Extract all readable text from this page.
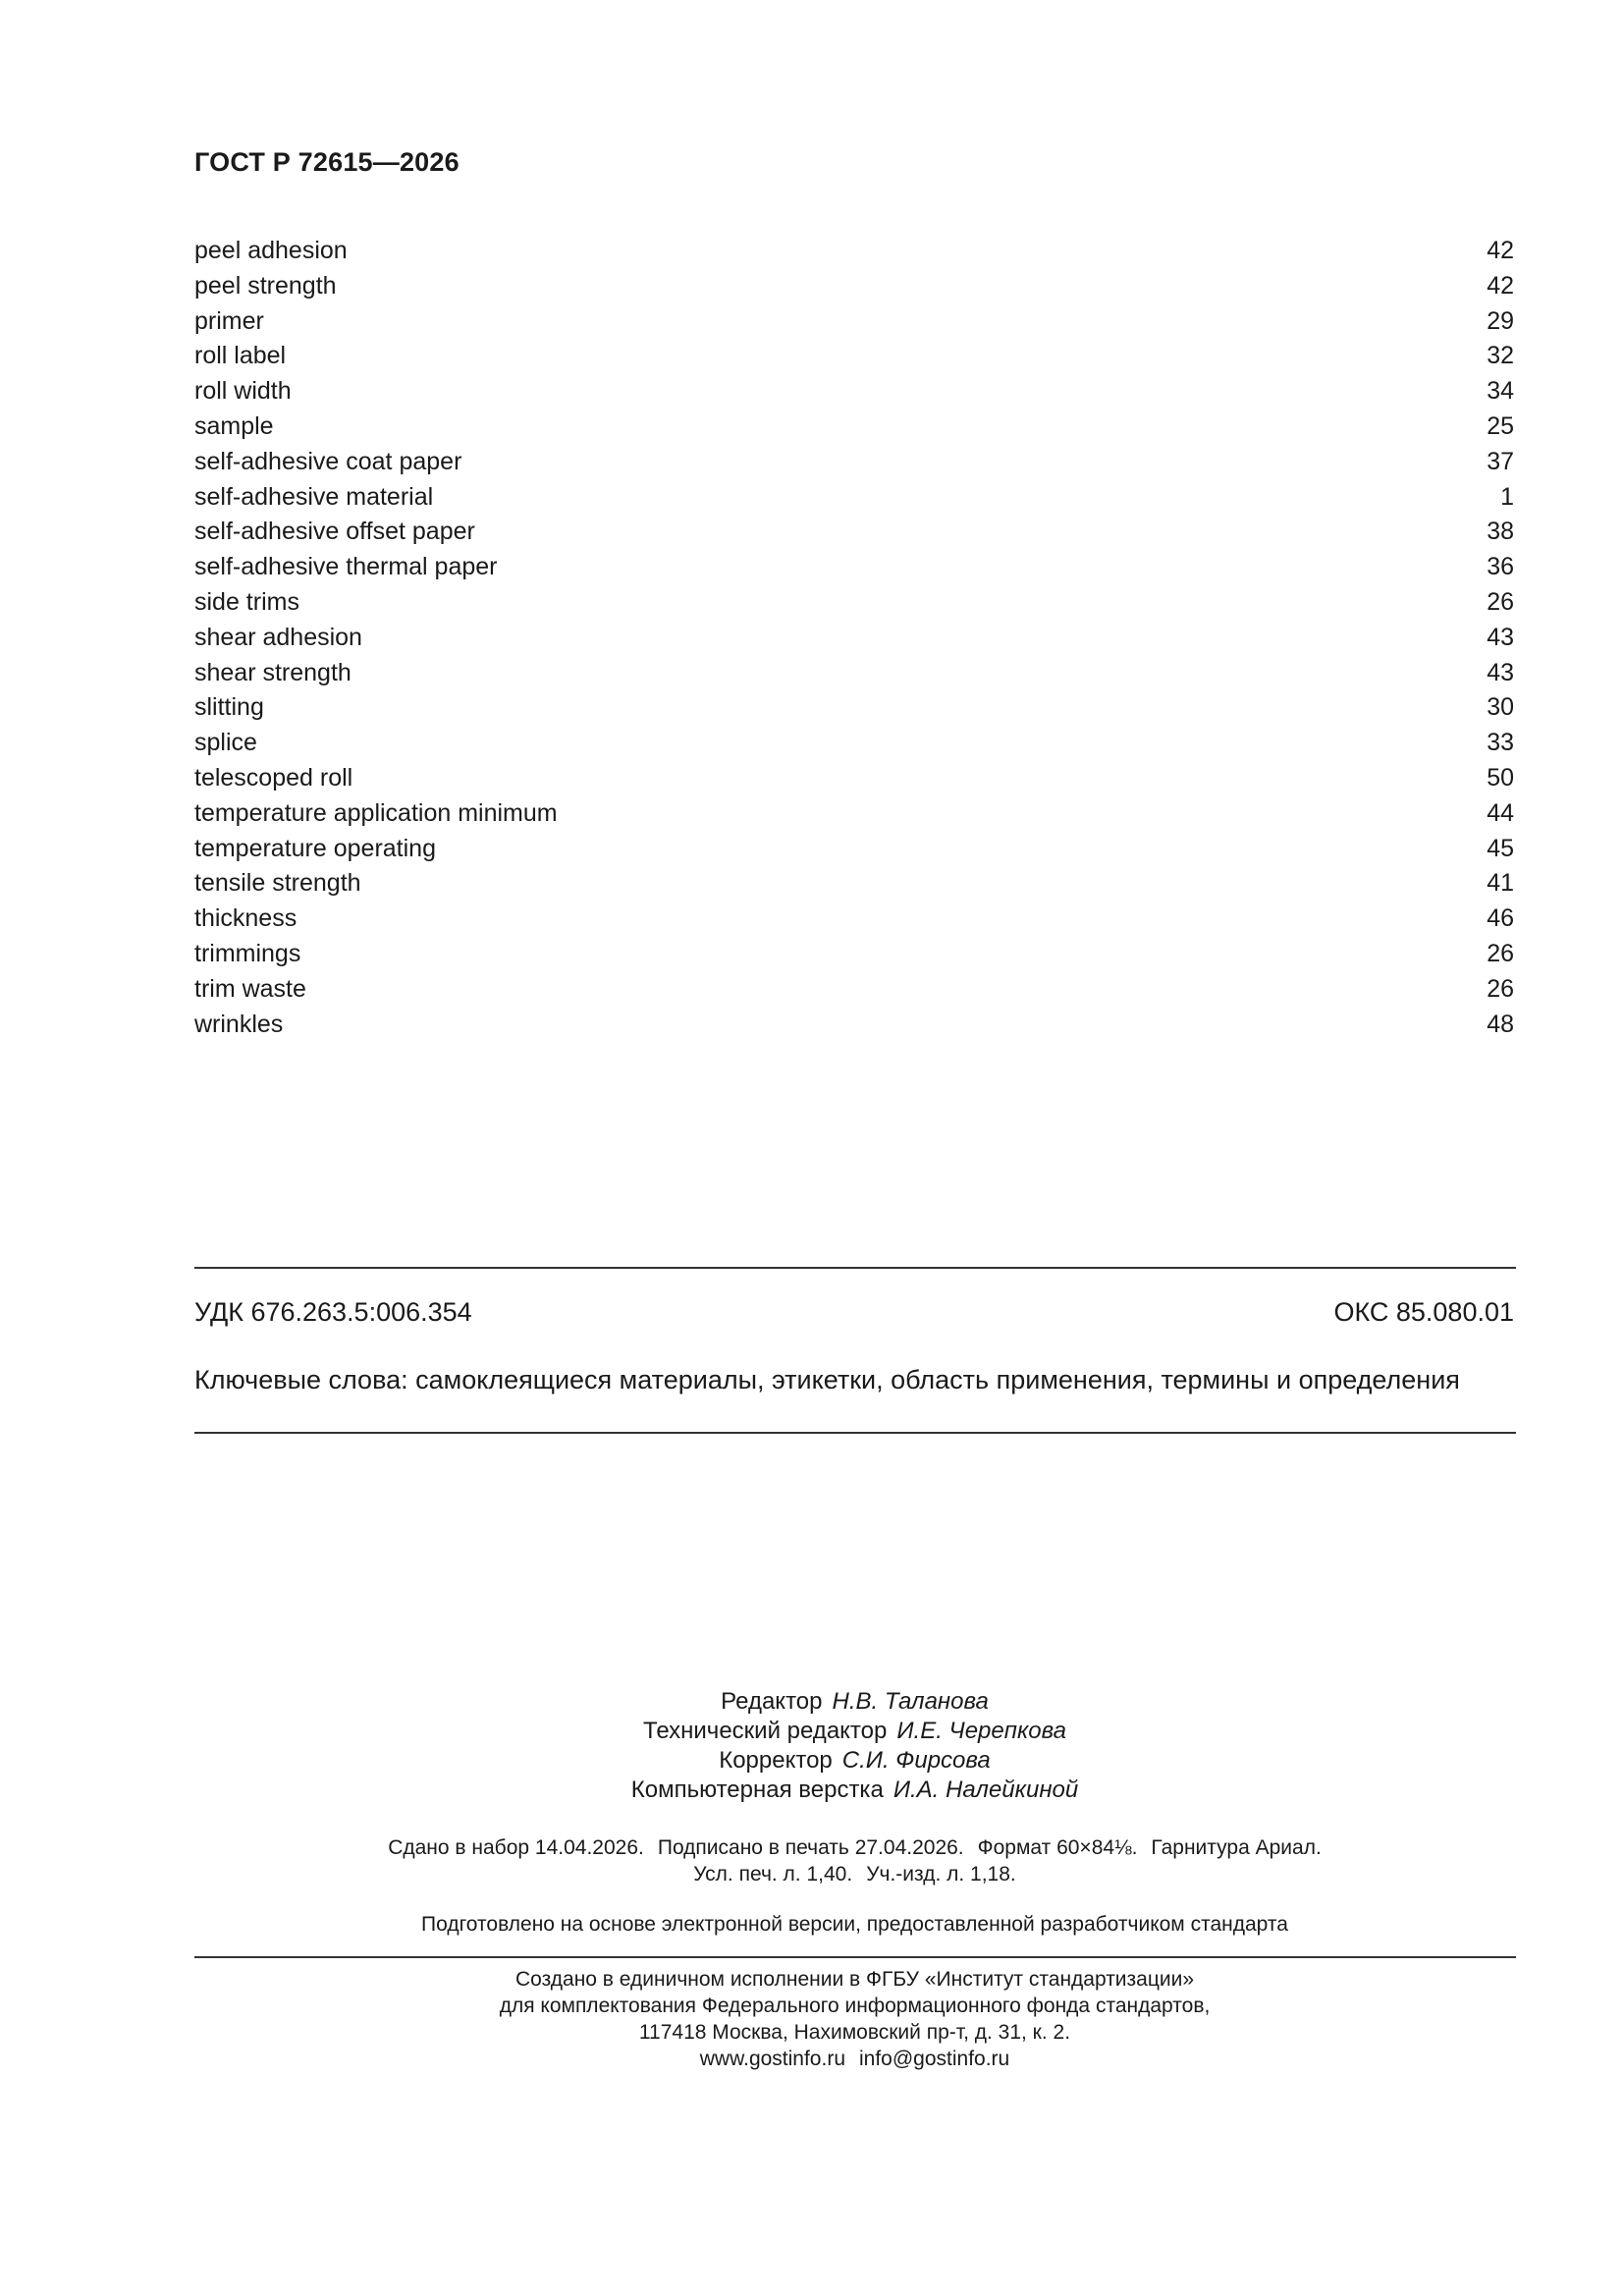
ГОСТ Р 72615—2026
peel adhesion	42
peel strength	42
primer	29
roll label	32
roll width	34
sample	25
self-adhesive coat paper	37
self-adhesive material	1
self-adhesive offset paper	38
self-adhesive thermal paper	36
side trims	26
shear adhesion	43
shear strength	43
slitting	30
splice	33
telescoped roll	50
temperature application minimum	44
temperature operating	45
tensile strength	41
thickness	46
trimmings	26
trim waste	26
wrinkles	48
УДК 676.263.5:006.354	ОКС 85.080.01
Ключевые слова: самоклеящиеся материалы, этикетки, область применения, термины и определения
Редактор Н.В. Таланова
Технический редактор И.Е. Черепкова
Корректор С.И. Фирсова
Компьютерная верстка И.А. Налейкиной
Сдано в набор 14.04.2026. Подписано в печать 27.04.2026. Формат 60×84⅛. Гарнитура Ариал.
Усл. печ. л. 1,40. Уч.-изд. л. 1,18.
Подготовлено на основе электронной версии, предоставленной разработчиком стандарта
Создано в единичном исполнении в ФГБУ «Институт стандартизации»
для комплектования Федерального информационного фонда стандартов,
117418 Москва, Нахимовский пр-т, д. 31, к. 2.
www.gostinfo.ru info@gostinfo.ru
